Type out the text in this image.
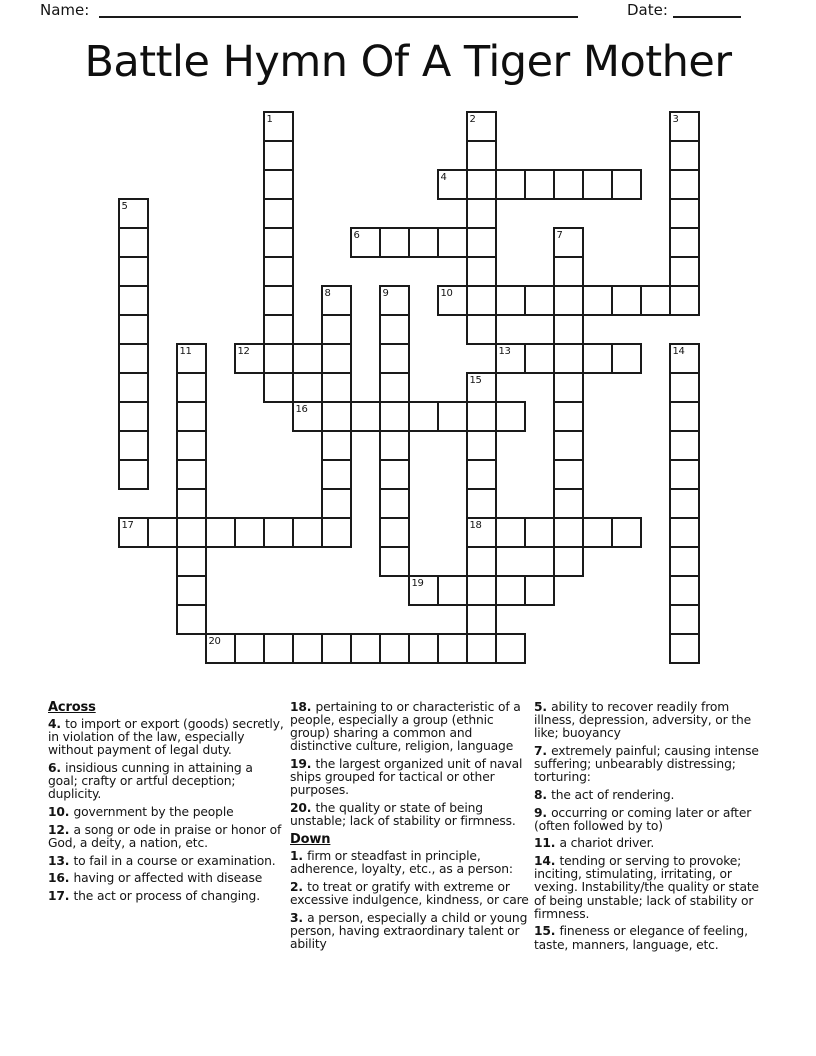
Name:	Date:
Battle Hymn Of A Tiger Mother
1	2	3
4
5
6	7
8	9	10
11	12	13	14
15
16
17	18
19
20
Across
4. to import or export (goods) secretly, in violation of the law, especially without payment of legal duty.
6. insidious cunning in attaining a goal; crafty or artful deception; duplicity.
10. government by the people
12. a song or ode in praise or honor of God, a deity, a nation, etc.
13. to fail in a course or examination.
16. having or affected with disease
17. the act or process of changing.
18. pertaining to or characteristic of a people, especially a group (ethnic group) sharing a common and distinctive culture, religion, language
19. the largest organized unit of naval ships grouped for tactical or other purposes.
20. the quality or state of being unstable; lack of stability or firmness.
Down
1. firm or steadfast in principle, adherence, loyalty, etc., as a person:
2. to treat or gratify with extreme or excessive indulgence, kindness, or care
3. a person, especially a child or young person, having extraordinary talent or ability
5. ability to recover readily from illness, depression, adversity, or the like; buoyancy
7. extremely painful; causing intense suffering; unbearably distressing; torturing:
8. the act of rendering.
9. occurring or coming later or after (often followed by to)
11. a chariot driver.
14. tending or serving to provoke; inciting, stimulating, irritating, or vexing. Instability/the quality or state of being unstable; lack of stability or firmness.
15. fineness or elegance of feeling, taste, manners, language, etc.
